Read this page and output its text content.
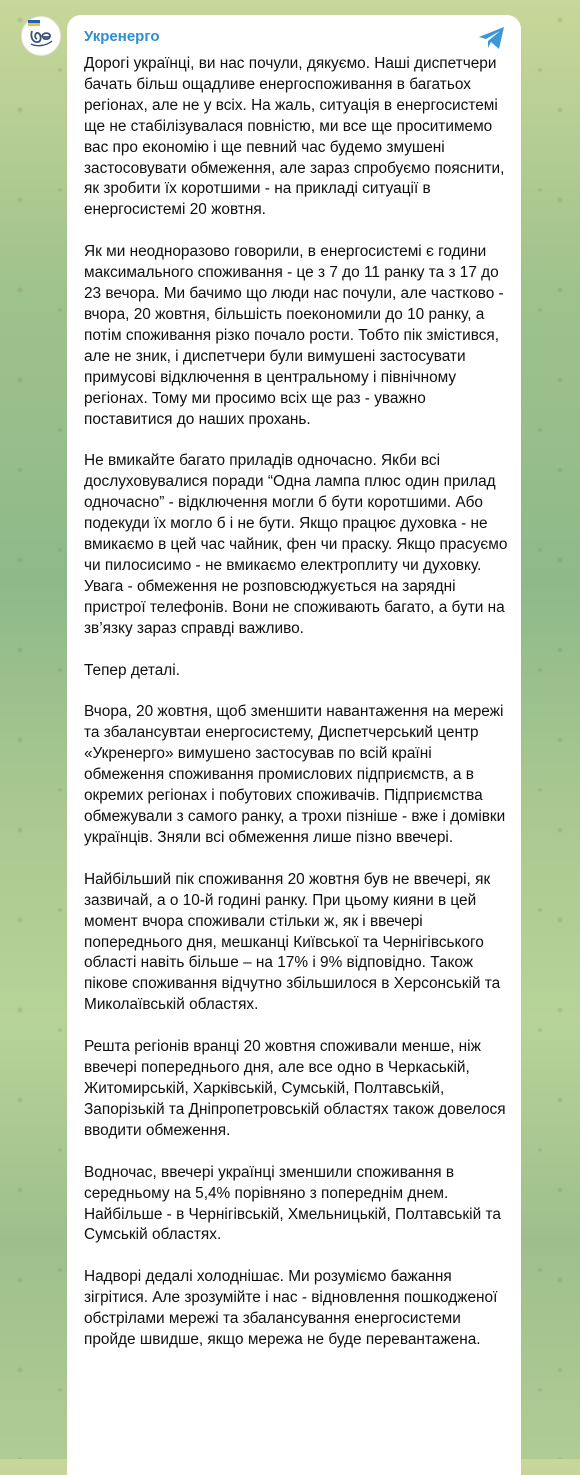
Укренерго

Дорогі українці, ви нас почули, дякуємо. Наші диспетчери бачать більш ощадливе енергоспоживання в багатьох регіонах, але не у всіх. На жаль, ситуація в енергосистемі ще не стабілізувалася повністю, ми все ще проситимемо вас про економію і ще певний час будемо змушені застосовувати обмеження, але зараз спробуємо пояснити, як зробити їх коротшими - на прикладі ситуації в енергосистемі 20 жовтня.

Як ми неодноразово говорили, в енергосистемі є години максимального споживання - це з 7 до 11 ранку та з 17 до 23 вечора. Ми бачимо що люди нас почули, але частково - вчора, 20 жовтня, більшість поекономили до 10 ранку, а потім споживання різко почало рости. Тобто пік змістився, але не зник, і диспетчери були вимушені застосувати примусові відключення в центральному і північному регіонах. Тому ми просимо всіх ще раз - уважно поставитися до наших прохань.

Не вмикайте багато приладів одночасно. Якби всі дослуховувалися поради “Одна лампа плюс один прилад одночасно” - відключення могли б бути коротшими. Або подекуди їх могло б і не бути. Якщо працює духовка - не вмикаємо в цей час чайник, фен чи праску. Якщо прасуємо чи пилосисимо - не вмикаємо електроплиту чи духовку. Увага - обмеження не розповсюджується на зарядні пристрої телефонів. Вони не споживають багато, а бути на зв’язку зараз справді важливо.

Тепер деталі.

Вчора, 20 жовтня, щоб зменшити навантаження на мережі та збалансувтаи енергосистему, Диспетчерський центр «Укренерго» вимушено застосував по всій країні обмеження споживання промислових підприємств, а в окремих регіонах і побутових споживачів. Підприємства обмежували з самого ранку, а трохи пізніше - вже і домівки українців. Зняли всі обмеження лише пізно ввечері.

Найбільший пік споживання 20 жовтня був не ввечері, як зазвичай, а о 10-й годині ранку. При цьому кияни в цей момент вчора споживали стільки ж, як і ввечері попереднього дня, мешканці Київської та Чернігівського області навіть більше – на 17% і 9% відповідно. Також пікове споживання відчутно збільшилося в Херсонській та Миколаївській областях.

Решта регіонів вранці 20 жовтня споживали менше, ніж ввечері попереднього дня, але все одно в Черкаській, Житомирській, Харківській, Сумській, Полтавській, Запорізькій та Дніпропетровській областях також довелося вводити обмеження.

Водночас, ввечері українці зменшили споживання в середньому на 5,4% порівняно з попереднім днем. Найбільше - в Чернігівській, Хмельницькій, Полтавській та Сумській областях.

Надворі дедалі холоднішає. Ми розуміємо бажання зігрітися. Але зрозумійте і нас - відновлення пошкодженої обстрілами мережі та збалансування енергосистеми пройде швидше, якщо мережа не буде перевантажена.
